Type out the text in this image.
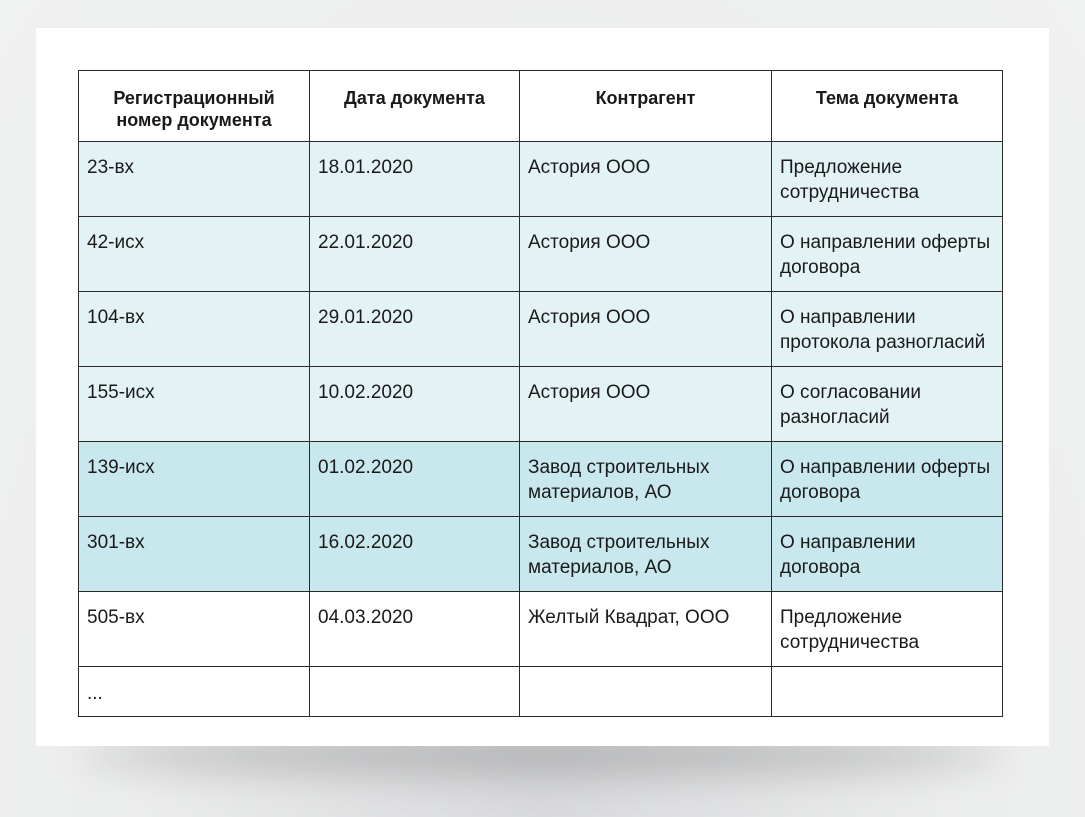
Регистрационный номер документа	Дата документа	Контрагент	Тема документа
23-вх	18.01.2020	Астория ООО	Предложение сотрудничества
42-исх	22.01.2020	Астория ООО	О направлении оферты договора
104-вх	29.01.2020	Астория ООО	О направлении протокола разногласий
155-исх	10.02.2020	Астория ООО	О согласовании разногласий
139-исх	01.02.2020	Завод строительных материалов, АО	О направлении оферты договора
301-вх	16.02.2020	Завод строительных материалов, АО	О направлении договора
505-вх	04.03.2020	Желтый Квадрат, ООО	Предложение сотрудничества
...			
